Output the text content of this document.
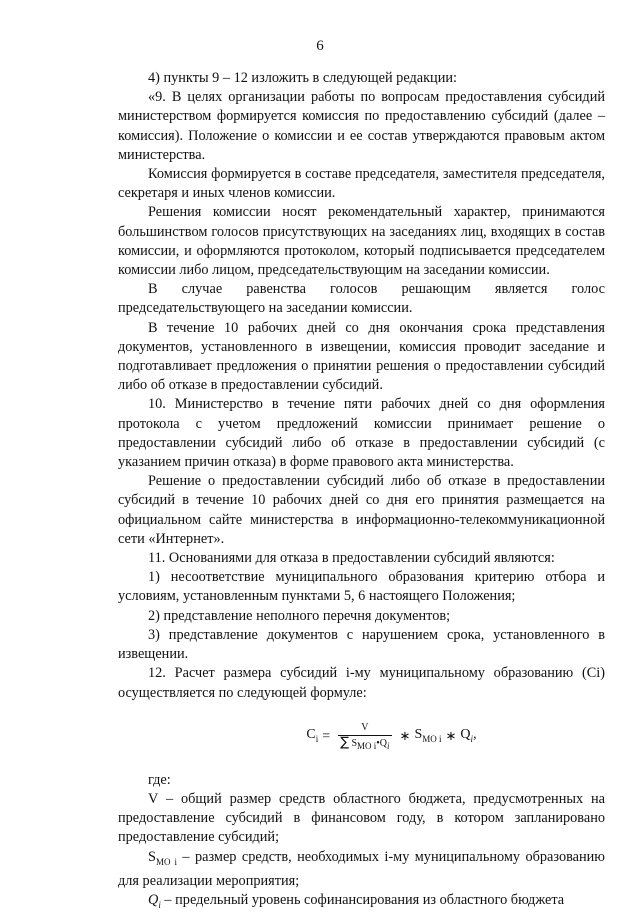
6

4) пункты 9 – 12 изложить в следующей редакции:

«9. В целях организации работы по вопросам предоставления субсидий министерством формируется комиссия по предоставлению субсидий (далее – комиссия). Положение о комиссии и ее состав утверждаются правовым актом министерства.

Комиссия формируется в составе председателя, заместителя председателя, секретаря и иных членов комиссии.

Решения комиссии носят рекомендательный характер, принимаются большинством голосов присутствующих на заседаниях лиц, входящих в состав комиссии, и оформляются протоколом, который подписывается председателем комиссии либо лицом, председательствующим на заседании комиссии.

В случае равенства голосов решающим является голос председательствующего на заседании комиссии.

В течение 10 рабочих дней со дня окончания срока представления документов, установленного в извещении, комиссия проводит заседание и подготавливает предложения о принятии решения о предоставлении субсидий либо об отказе в предоставлении субсидий.

10. Министерство в течение пяти рабочих дней со дня оформления протокола с учетом предложений комиссии принимает решение о предоставлении субсидий либо об отказе в предоставлении субсидий (с указанием причин отказа) в форме правового акта министерства.

Решение о предоставлении субсидий либо об отказе в предоставлении субсидий в течение 10 рабочих дней со дня его принятия размещается на официальном сайте министерства в информационно-телекоммуникационной сети «Интернет».

11. Основаниями для отказа в предоставлении субсидий являются:

1) несоответствие муниципального образования критерию отбора и условиям, установленным пунктами 5, 6 настоящего Положения;

2) представление неполного перечня документов;

3) представление документов с нарушением срока, установленного в извещении.

12. Расчет размера субсидий i-му муниципальному образованию (Ci) осуществляется по следующей формуле:

$C_i = \frac{V}{\sum S_{MO i}•Q_i}$ ∗ $S_{MO i}$ ∗ $Q_i$,

где:

V – общий размер средств областного бюджета, предусмотренных на предоставление субсидий в финансовом году, в котором запланировано предоставление субсидий;

$S_{MO i}$ – размер средств, необходимых i-му муниципальному образованию для реализации мероприятия;

$Q_i$ – предельный уровень софинансирования из областного бюджета
